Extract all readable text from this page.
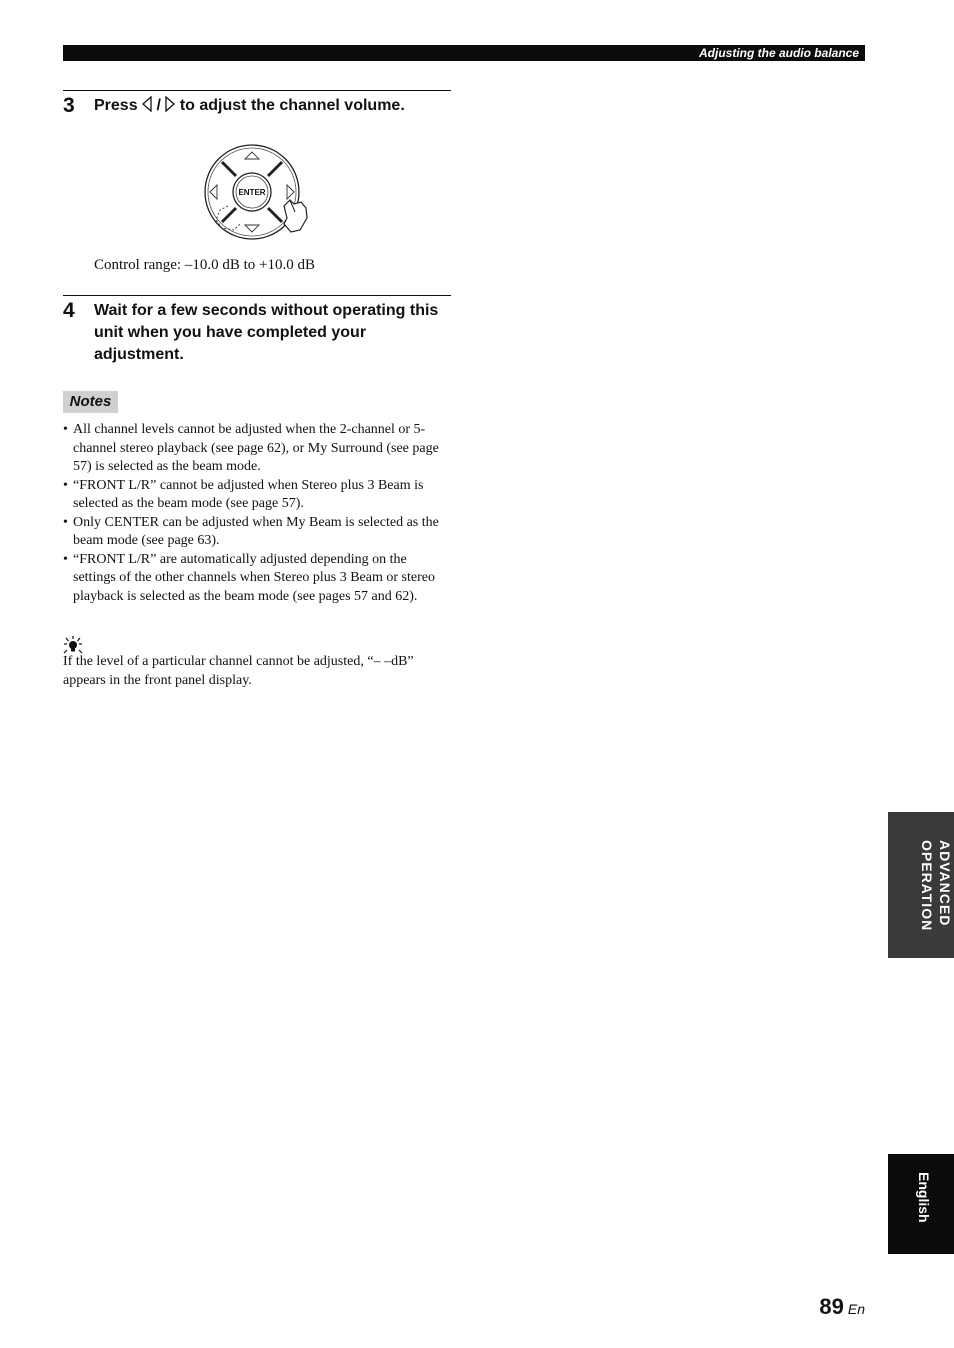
Adjusting the audio balance
3 Press  /  to adjust the channel volume.
ENTER
Control range: –10.0 dB to +10.0 dB
4 Wait for a few seconds without operating this unit when you have completed your adjustment.
Notes
• All channel levels cannot be adjusted when the 2-channel or 5-channel stereo playback (see page 62), or My Surround (see page 57) is selected as the beam mode.
• “FRONT L/R” cannot be adjusted when Stereo plus 3 Beam is selected as the beam mode (see page 57).
• Only CENTER can be adjusted when My Beam is selected as the beam mode (see page 63).
• “FRONT L/R” are automatically adjusted depending on the settings of the other channels when Stereo plus 3 Beam or stereo playback is selected as the beam mode (see pages 57 and 62).
If the level of a particular channel cannot be adjusted, “– –dB” appears in the front panel display.
ADVANCED
OPERATION
English
89 En
